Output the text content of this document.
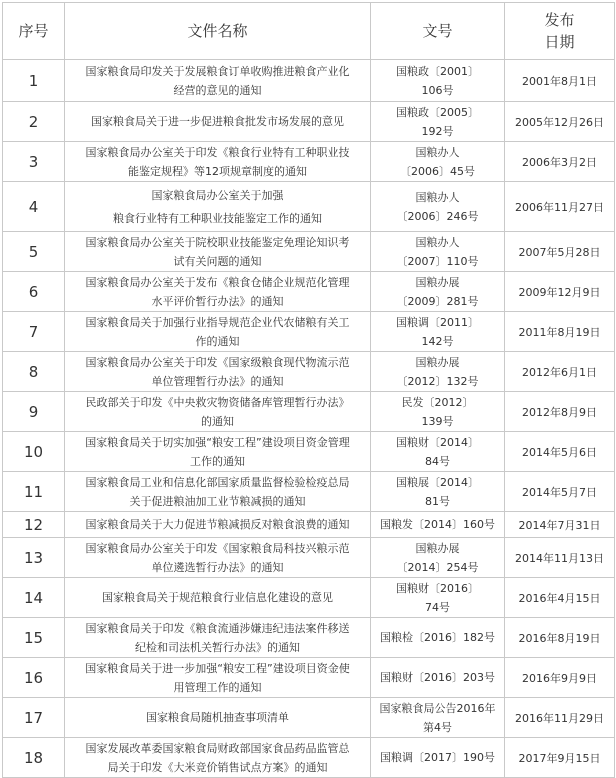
序号	文件名称	文号	发布
日期

1	国家粮食局印发关于发展粮食订单收购推进粮食产业化
经营的意见的通知	国粮政〔2001〕
106号	2001年8月1日
2	国家粮食局关于进一步促进粮食批发市场发展的意见	国粮政〔2005〕
192号	2005年12月26日
3	国家粮食局办公室关于印发《粮食行业特有工种职业技
能鉴定规程》等12项规章制度的通知	国粮办人
〔2006〕45号	2006年3月2日
4	国家粮食局办公室关于加强
粮食行业特有工种职业技能鉴定工作的通知	国粮办人
〔2006〕246号	2006年11月27日
5	国家粮食局办公室关于院校职业技能鉴定免理论知识考
试有关问题的通知	国粮办人
〔2007〕110号	2007年5月28日
6	国家粮食局办公室关于发布《粮食仓储企业规范化管理
水平评价暂行办法》的通知	国粮办展
〔2009〕281号	2009年12月9日
7	国家粮食局关于加强行业指导规范企业代农储粮有关工
作的通知	国粮调〔2011〕
142号	2011年8月19日
8	国家粮食局办公室关于印发《国家级粮食现代物流示范
单位管理暂行办法》的通知	国粮办展
〔2012〕132号	2012年6月1日
9	民政部关于印发《中央救灾物资储备库管理暂行办法》
的通知	民发〔2012〕
139号	2012年8月9日
10	国家粮食局关于切实加强“粮安工程”建设项目资金管理
工作的通知	国粮财〔2014〕
84号	2014年5月6日
11	国家粮食局工业和信息化部国家质量监督检验检疫总局
关于促进粮油加工业节粮减损的通知	国粮展〔2014〕
81号	2014年5月7日
12	国家粮食局关于大力促进节粮减损反对粮食浪费的通知	国粮发〔2014〕160号	2014年7月31日
13	国家粮食局办公室关于印发《国家粮食局科技兴粮示范
单位遴选暂行办法》的通知	国粮办展
〔2014〕254号	2014年11月13日
14	国家粮食局关于规范粮食行业信息化建设的意见	国粮财〔2016〕
74号	2016年4月15日
15	国家粮食局关于印发《粮食流通涉嫌违纪违法案件移送
纪检和司法机关暂行办法》的通知	国粮检〔2016〕182号	2016年8月19日
16	国家粮食局关于进一步加强“粮安工程”建设项目资金使
用管理工作的通知	国粮财〔2016〕203号	2016年9月9日
17	国家粮食局随机抽查事项清单	国家粮食局公告2016年
第4号	2016年11月29日
18	国家发展改革委国家粮食局财政部国家食品药品监管总
局关于印发《大米竞价销售试点方案》的通知	国粮调〔2017〕190号	2017年9月15日
